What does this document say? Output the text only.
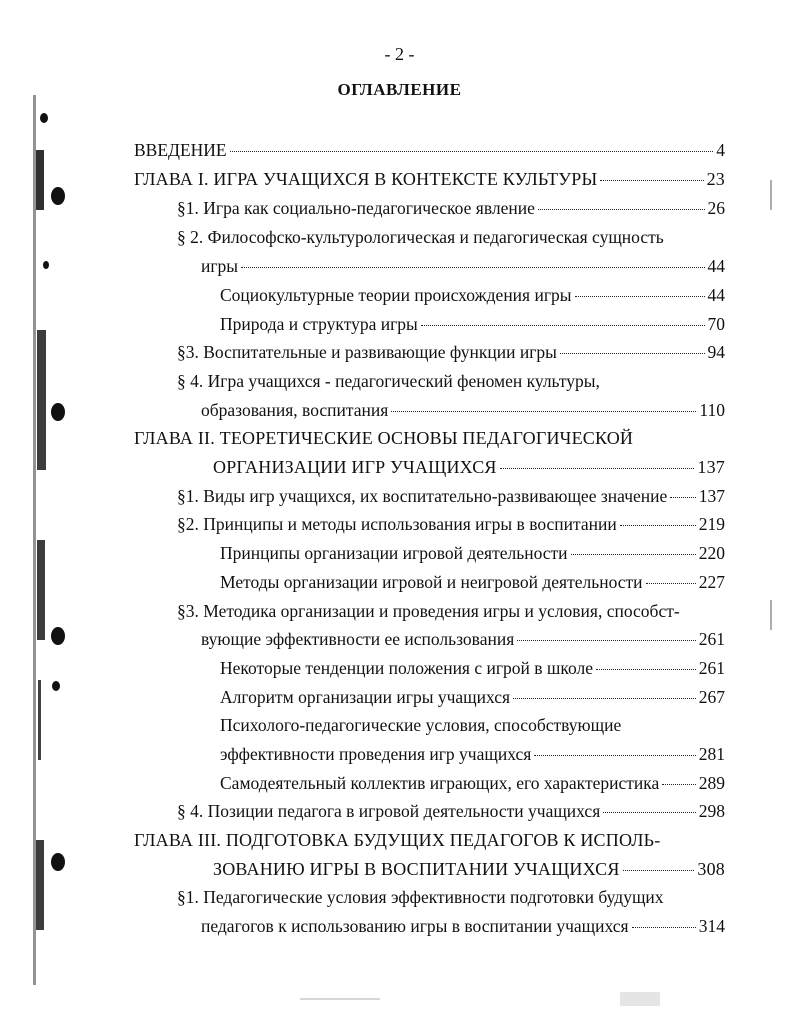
- 2 -
ОГЛАВЛЕНИЕ
ВВЕДЕНИЕ	4
ГЛАВА I. ИГРА УЧАЩИХСЯ В КОНТЕКСТЕ КУЛЬТУРЫ	23
§1. Игра как социально-педагогическое явление	26
§ 2. Философско-культурологическая и педагогическая сущность
игры	44
Социокультурные теории происхождения игры	44
Природа и структура игры	70
§3. Воспитательные и развивающие функции игры	94
§ 4. Игра учащихся - педагогический феномен культуры,
образования, воспитания	110
ГЛАВА II. ТЕОРЕТИЧЕСКИЕ ОСНОВЫ ПЕДАГОГИЧЕСКОЙ
ОРГАНИЗАЦИИ ИГР УЧАЩИХСЯ	137
§1. Виды игр учащихся, их воспитательно-развивающее значение 137
§2. Принципы и методы использования игры в воспитании	219
Принципы организации игровой деятельности	220
Методы организации игровой и неигровой деятельности	227
§3. Методика организации и проведения игры и условия, способст-
вующие эффективности ее использования	261
Некоторые тенденции положения с игрой в школе	261
Алгоритм организации игры учащихся	267
Психолого-педагогические условия, способствующие
эффективности проведения игр учащихся	281
Самодеятельный коллектив играющих, его характеристика 289
§ 4. Позиции педагога в игровой деятельности учащихся	298
ГЛАВА III. ПОДГОТОВКА БУДУЩИХ ПЕДАГОГОВ К ИСПОЛЬ-
ЗОВАНИЮ ИГРЫ В ВОСПИТАНИИ УЧАЩИХСЯ	308
§1. Педагогические условия эффективности подготовки будущих
педагогов к использованию игры в воспитании учащихся	314
